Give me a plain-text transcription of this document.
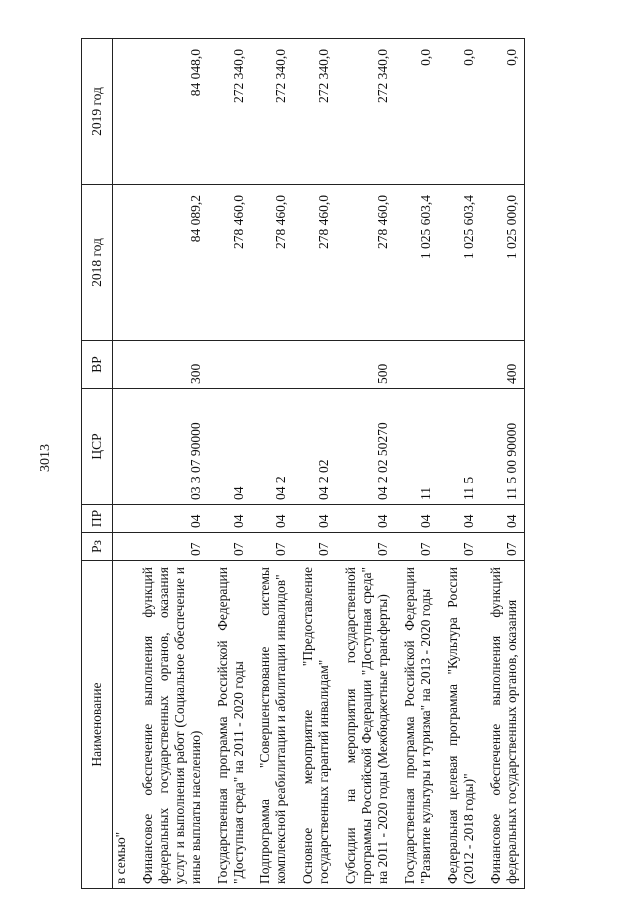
3013
Наименование	Рз	ПР	ЦСР	ВР	2018 год	2019 год
в семью"						
Финансовое обеспечение выполнения функций федеральных государственных органов, оказания услуг и выполнения работ (Социальное обеспечение и иные выплаты населению)	07	04	03 3 07 90000	300	84 089,2	84 048,0
Государственная программа Российской Федерации "Доступная среда" на 2011 - 2020 годы	07	04	04		278 460,0	272 340,0
Подпрограмма "Совершенствование системы комплексной реабилитации и абилитации инвалидов"	07	04	04 2		278 460,0	272 340,0
Основное мероприятие "Предоставление государственных гарантий инвалидам"	07	04	04 2 02		278 460,0	272 340,0
Субсидии на мероприятия государственной программы Российской Федерации "Доступная среда" на 2011 - 2020 годы (Межбюджетные трансферты)	07	04	04 2 02 50270	500	278 460,0	272 340,0
Государственная программа Российской Федерации "Развитие культуры и туризма" на 2013 - 2020 годы	07	04	11		1 025 603,4	0,0
Федеральная целевая программа "Культура России (2012 - 2018 годы)"	07	04	11 5		1 025 603,4	0,0
Финансовое обеспечение выполнения функций федеральных государственных органов, оказания	07	04	11 5 00 90000	400	1 025 000,0	0,0
